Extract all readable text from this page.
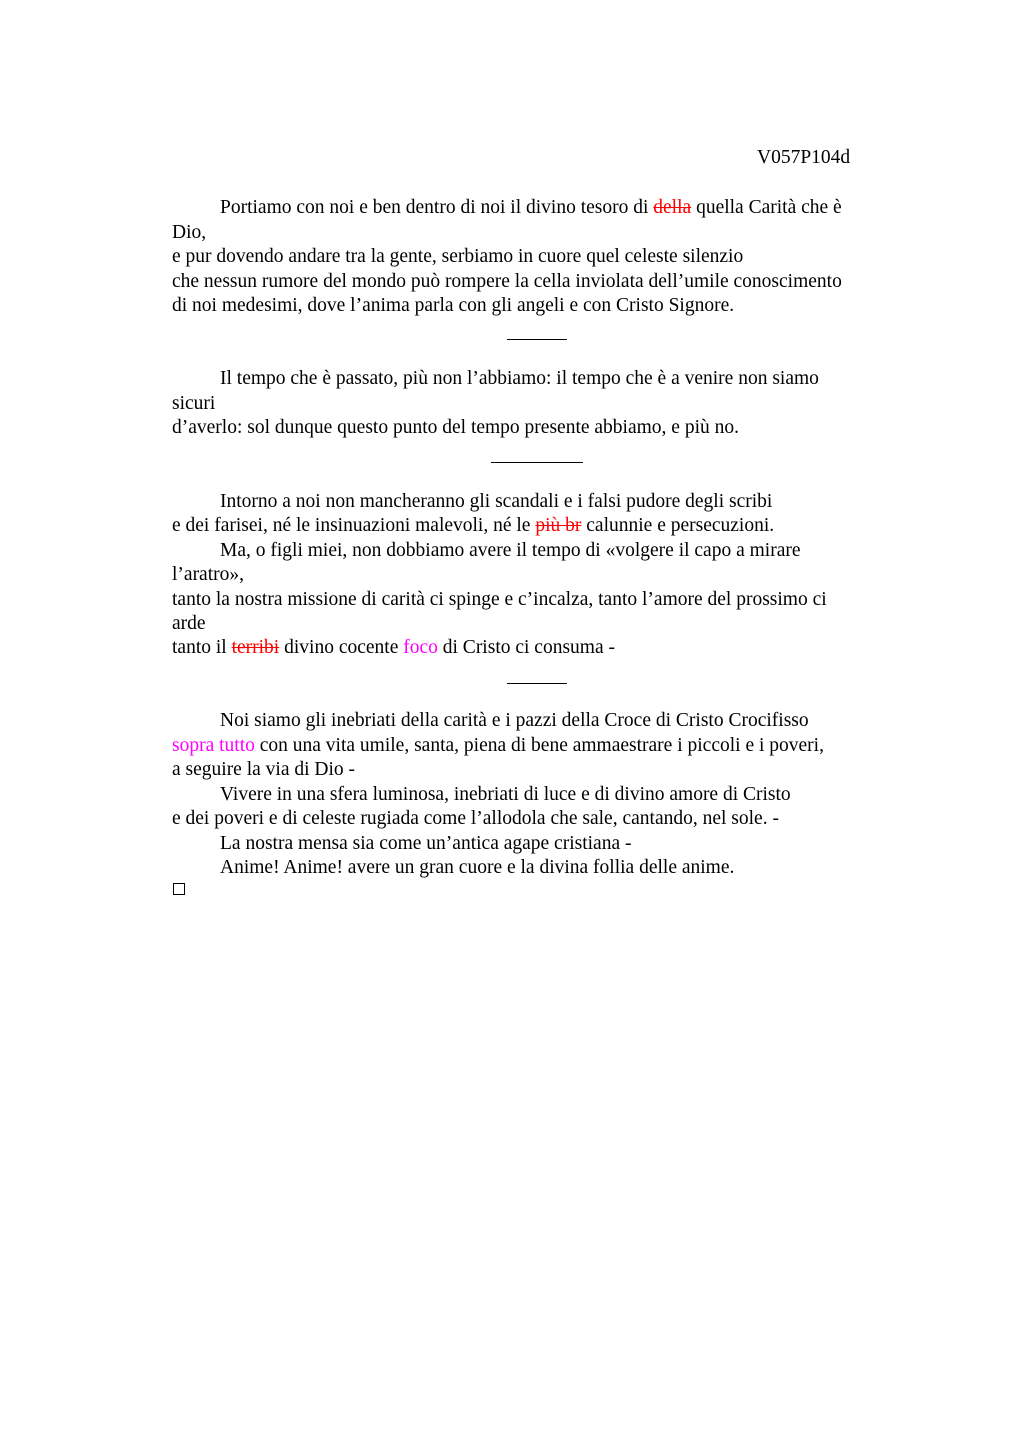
V057P104d
Portiamo con noi e ben dentro di noi il divino tesoro di della quella Carità che è
Dio,
e pur dovendo andare tra la gente, serbiamo in cuore quel celeste silenzio
che nessun rumore del mondo può rompere la cella inviolata dell’umile conoscimento
di noi medesimi, dove l’anima parla con gli angeli e con Cristo Signore.
Il tempo che è passato, più non l’abbiamo: il tempo che è a venire non siamo
sicuri
d’averlo: sol dunque questo punto del tempo presente abbiamo, e più no.
Intorno a noi non mancheranno gli scandali e i falsi pudore degli scribi
e dei farisei, né le insinuazioni malevoli, né le più br calunnie e persecuzioni.
Ma, o figli miei, non dobbiamo avere il tempo di «volgere il capo a mirare
l’aratro»,
tanto la nostra missione di carità ci spinge e c’incalza, tanto l’amore del prossimo ci
arde
tanto il terribi divino cocente foco di Cristo ci consuma -
Noi siamo gli inebriati della carità e i pazzi della Croce di Cristo Crocifisso
sopra tutto con una vita umile, santa, piena di bene ammaestrare i piccoli e i poveri,
a seguire la via di Dio -
Vivere in una sfera luminosa, inebriati di luce e di divino amore di Cristo
e dei poveri e di celeste rugiada come l’allodola che sale, cantando, nel sole. -
La nostra mensa sia come un’antica agape cristiana -
Anime! Anime! avere un gran cuore e la divina follia delle anime.
